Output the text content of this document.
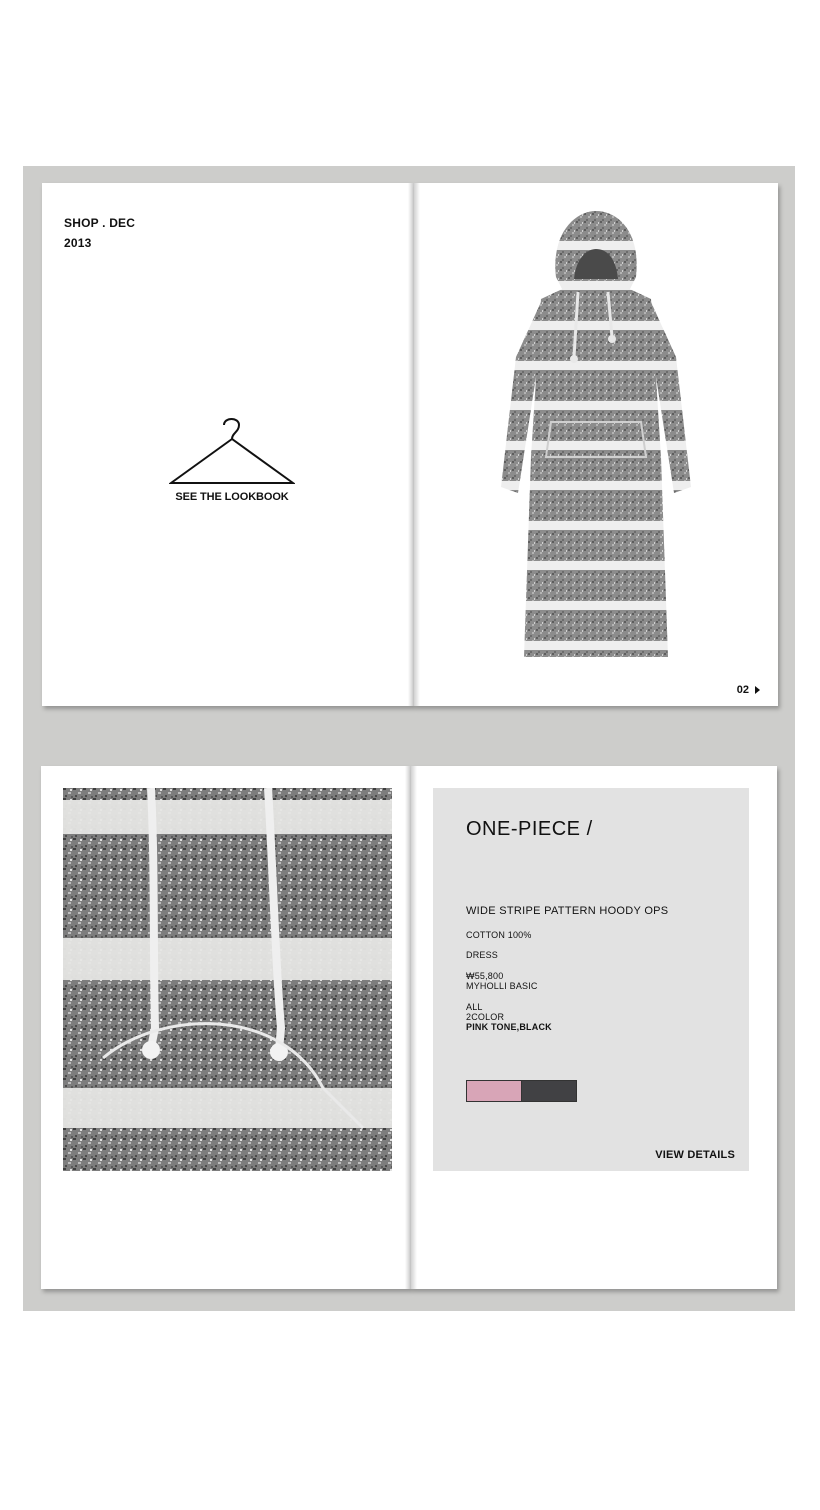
SHOP . DEC
2013
SEE THE LOOKBOOK
02
ONE-PIECE /
WIDE STRIPE PATTERN HOODY OPS
COTTON 100%
DRESS
₩55,800
MYHOLLI BASIC
ALL
2COLOR
PINK TONE,BLACK
VIEW DETAILS
